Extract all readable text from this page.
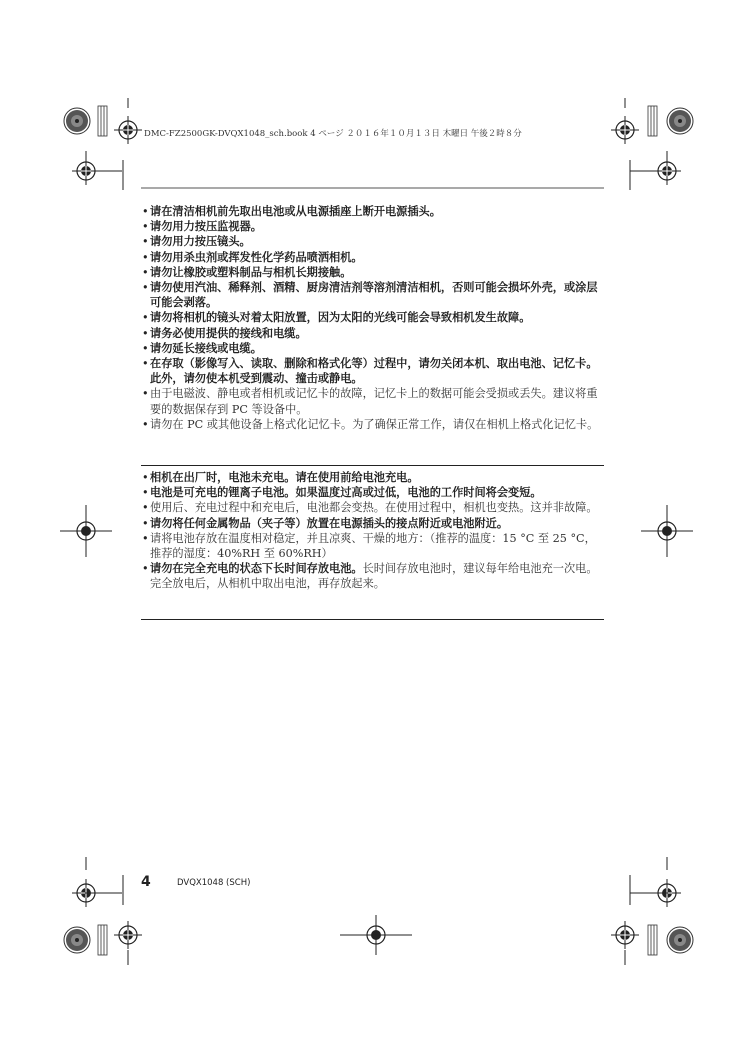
DMC-FZ2500GK-DVQX1048_sch.book 4 ページ ２０１６年１０月１３日 木曜日 午後２時８分
• 请在清洁相机前先取出电池或从电源插座上断开电源插头。
• 请勿用力按压监视器。
• 请勿用力按压镜头。
• 请勿用杀虫剂或挥发性化学药品喷洒相机。
• 请勿让橡胶或塑料制品与相机长期接触。
• 请勿使用汽油、稀释剂、酒精、厨房清洁剂等溶剂清洁相机，否则可能会损坏外壳，或涂层可能会剥落。
• 请勿将相机的镜头对着太阳放置，因为太阳的光线可能会导致相机发生故障。
• 请务必使用提供的接线和电缆。
• 请勿延长接线或电缆。
• 在存取（影像写入、读取、删除和格式化等）过程中，请勿关闭本机、取出电池、记忆卡。此外，请勿使本机受到震动、撞击或静电。
• 由于电磁波、静电或者相机或记忆卡的故障，记忆卡上的数据可能会受损或丢失。建议将重要的数据保存到 PC 等设备中。
• 请勿在 PC 或其他设备上格式化记忆卡。为了确保正常工作，请仅在相机上格式化记忆卡。
• 相机在出厂时，电池未充电。请在使用前给电池充电。
• 电池是可充电的锂离子电池。如果温度过高或过低，电池的工作时间将会变短。
• 使用后、充电过程中和充电后，电池都会变热。在使用过程中，相机也变热。这并非故障。
• 请勿将任何金属物品（夹子等）放置在电源插头的接点附近或电池附近。
• 请将电池存放在温度相对稳定，并且凉爽、干燥的地方：（推荐的温度：15 °C 至 25 °C，推荐的湿度：40%RH 至 60%RH）
• 请勿在完全充电的状态下长时间存放电池。长时间存放电池时，建议每年给电池充一次电。完全放电后，从相机中取出电池，再存放起来。
4	DVQX1048 (SCH)
